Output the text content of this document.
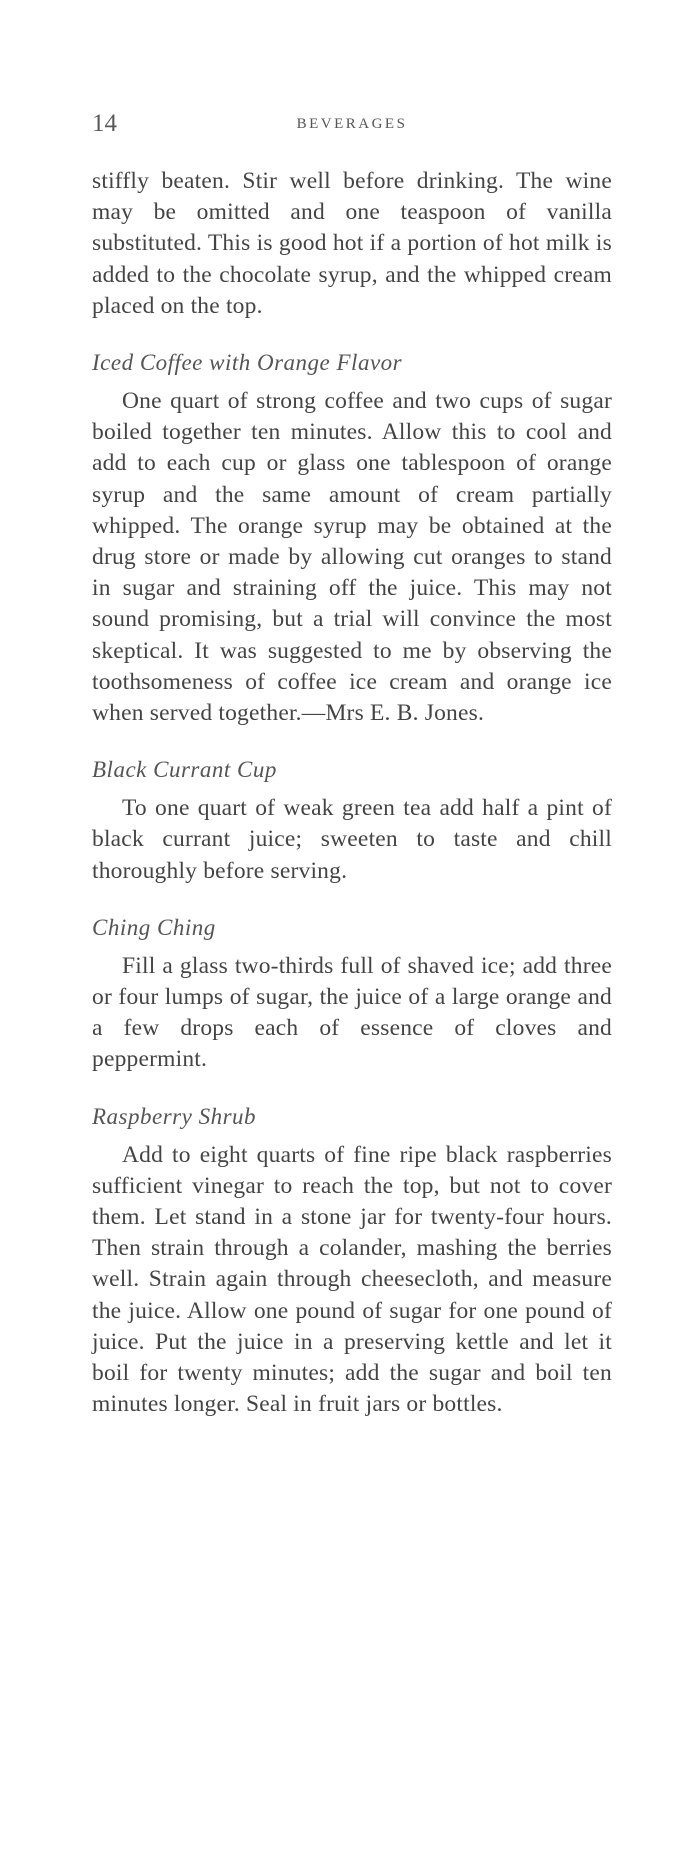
14	BEVERAGES

stiffly beaten. Stir well before drinking. The wine may be omitted and one teaspoon of vanilla substituted. This is good hot if a portion of hot milk is added to the chocolate syrup, and the whipped cream placed on the top.

Iced Coffee with Orange Flavor

One quart of strong coffee and two cups of sugar boiled together ten minutes. Allow this to cool and add to each cup or glass one tablespoon of orange syrup and the same amount of cream partially whipped. The orange syrup may be obtained at the drug store or made by allowing cut oranges to stand in sugar and straining off the juice. This may not sound promising, but a trial will convince the most skeptical. It was suggested to me by observing the toothsomeness of coffee ice cream and orange ice when served together.—Mrs E. B. Jones.

Black Currant Cup

To one quart of weak green tea add half a pint of black currant juice; sweeten to taste and chill thoroughly before serving.

Ching Ching

Fill a glass two-thirds full of shaved ice; add three or four lumps of sugar, the juice of a large orange and a few drops each of essence of cloves and peppermint.

Raspberry Shrub

Add to eight quarts of fine ripe black raspberries sufficient vinegar to reach the top, but not to cover them. Let stand in a stone jar for twenty-four hours. Then strain through a colander, mashing the berries well. Strain again through cheesecloth, and measure the juice. Allow one pound of sugar for one pound of juice. Put the juice in a preserving kettle and let it boil for twenty minutes; add the sugar and boil ten minutes longer. Seal in fruit jars or bottles.
